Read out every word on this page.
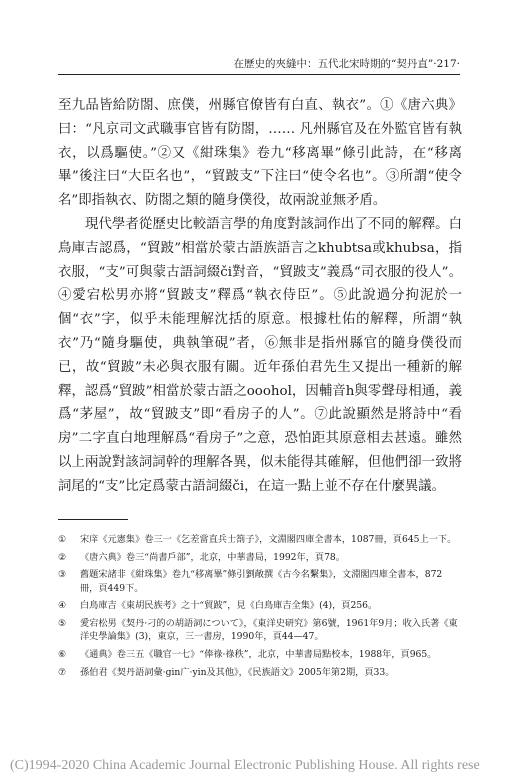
在歷史的夾縫中：五代北宋時期的“契丹直”·217·

至九品皆給防閤、庶僕，州縣官僚皆有白直、執衣”。①《唐六典》曰：“凡京司文武職事官皆有防閤，…… 凡州縣官及在外監官皆有執衣，以爲驅使。”②又《紺珠集》卷九“移离畢”條引此詩，在“移离畢”後注曰“大臣名也”，“貿跛支”下注曰“使令名也”。③所謂“使令名”即指執衣、防閤之類的隨身僕役，故兩說並無矛盾。

現代學者從歷史比較語言學的角度對該詞作出了不同的解釋。白鳥庫吉認爲，“貿跛”相當於蒙古語族語言之khubtsa或khubsa，指衣服，“支”可與蒙古語詞綴či對音，“貿跛支”義爲“司衣服的役人”。④愛宕松男亦將“貿跛支”釋爲“執衣侍臣”。⑤此說過分拘泥於一個“衣”字，似乎未能理解沈括的原意。根據杜佑的解釋，所謂“執衣”乃“隨身驅使，典執筆硯”者，⑥無非是指州縣官的隨身僕役而已，故“貿跛”未必與衣服有關。近年孫伯君先生又提出一種新的解釋，認爲“貿跛”相當於蒙古語之ooohol，因輔音h與零聲母相通，義爲“茅屋”，故“貿跛支”即“看房子的人”。⑦此說顯然是將詩中“看房”二字直白地理解爲“看房子”之意，恐怕距其原意相去甚遠。雖然以上兩說對該詞詞幹的理解各異，似未能得其確解，但他們卻一致將詞尾的“支”比定爲蒙古語詞綴či，在這一點上並不存在什麼異議。

①	宋庠《元憲集》卷三一《乞差當直兵士箚子》，文淵閣四庫全書本，1087冊，頁645上一下。
②	《唐六典》卷三“尚書戶部”，北京，中華書局，1992年，頁78。
③	舊題宋諸非《紺珠集》卷九“移离畢”條引劉敞撰《古今名繫集》，文淵閣四庫全書本，872冊，頁449下。
④	白鳥庫吉《東胡民族考》之十“貿跛”，見《白鳥庫吉全集》(4)，頁256。
⑤	愛宕松男《契丹·刁的の胡語詞について》，《東洋史研究》第6號，1961年9月；收入氏著《東洋史學論集》(3)，東京，三一書房，1990年，頁44—47。
⑥	《通典》卷三五《職官一七》“俸祿·祿秩”，北京，中華書局點校本，1988年，頁965。
⑦	孫伯君《契丹語詞彙·gin广·yin及其他》，《民族語文》2005年第2期，頁33。
(C)1994-2020 China Academic Journal Electronic Publishing House. All rights rese
